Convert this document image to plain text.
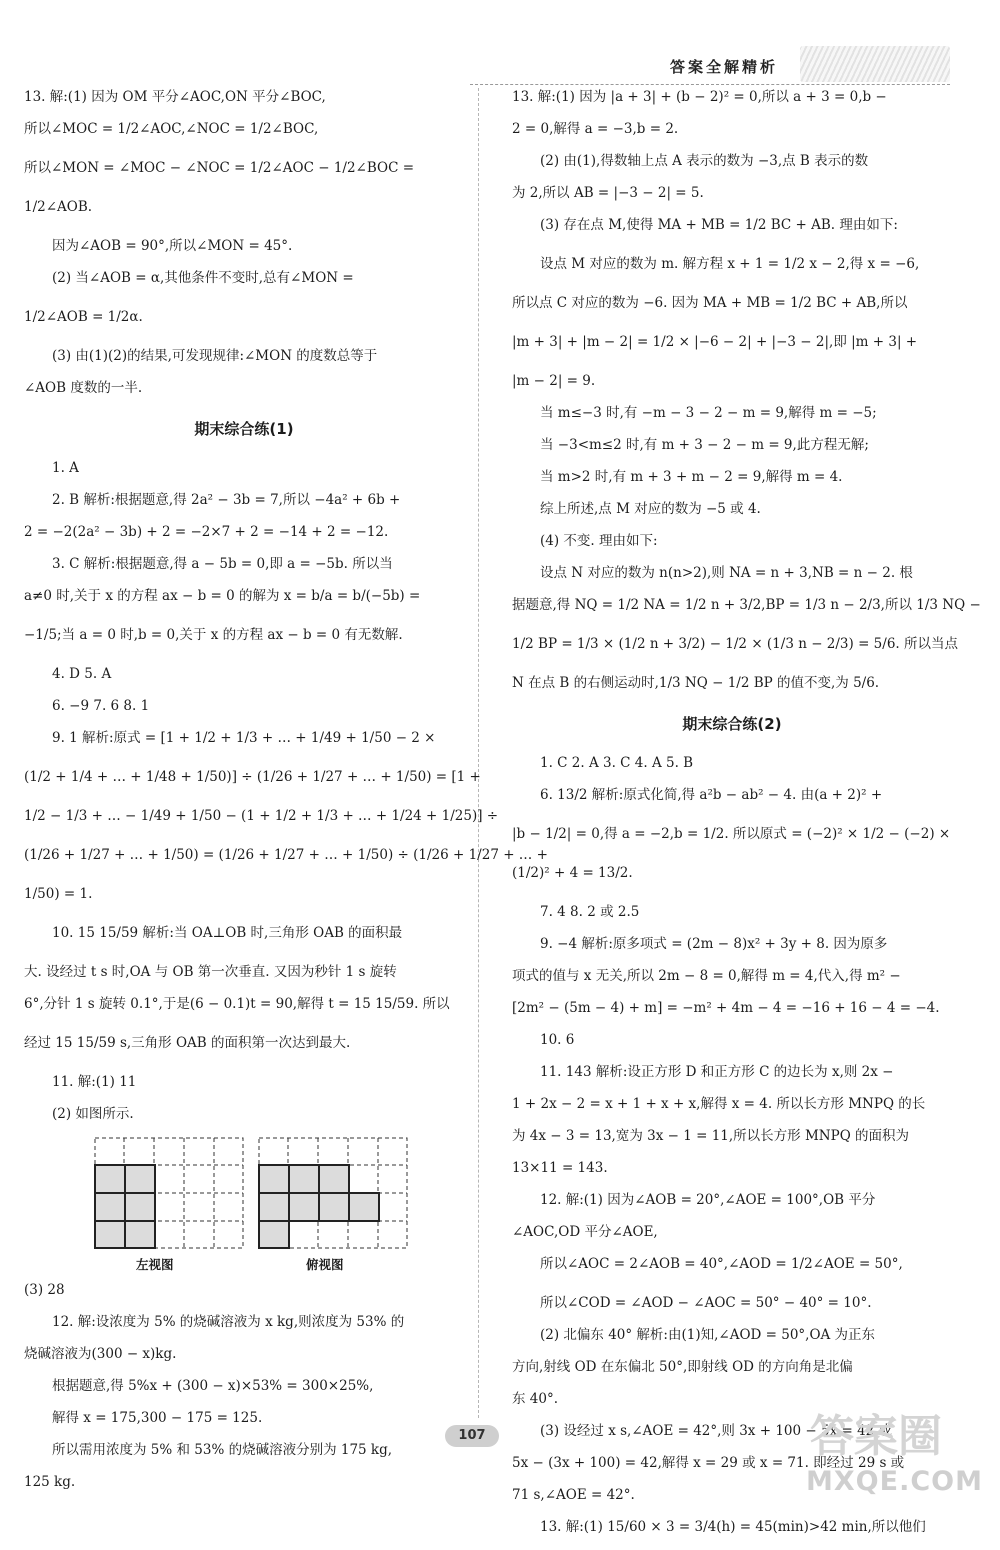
答案全解精析
13. 解:(1) 因为 OM 平分∠AOC,ON 平分∠BOC,
所以∠MOC = 1/2∠AOC,∠NOC = 1/2∠BOC,
所以∠MON = ∠MOC − ∠NOC = 1/2∠AOC − 1/2∠BOC =
1/2∠AOB.
因为∠AOB = 90°,所以∠MON = 45°.
(2) 当∠AOB = α,其他条件不变时,总有∠MON =
1/2∠AOB = 1/2α.
(3) 由(1)(2)的结果,可发现规律:∠MON 的度数总等于
∠AOB 度数的一半.
期末综合练(1)
1. A
2. B 解析:根据题意,得 2a² − 3b = 7,所以 −4a² + 6b +
2 = −2(2a² − 3b) + 2 = −2×7 + 2 = −14 + 2 = −12.
3. C 解析:根据题意,得 a − 5b = 0,即 a = −5b. 所以当
a≠0 时,关于 x 的方程 ax − b = 0 的解为 x = b/a = b/(−5b) =
−1/5;当 a = 0 时,b = 0,关于 x 的方程 ax − b = 0 有无数解.
4. D 5. A
6. −9 7. 6 8. 1
9. 1 解析:原式 = [1 + 1/2 + 1/3 + … + 1/49 + 1/50 − 2 ×
(1/2 + 1/4 + … + 1/48 + 1/50)] ÷ (1/26 + 1/27 + … + 1/50) = [1 +
1/2 − 1/3 + … − 1/49 + 1/50 − (1 + 1/2 + 1/3 + … + 1/24 + 1/25)] ÷
(1/26 + 1/27 + … + 1/50) = (1/26 + 1/27 + … + 1/50) ÷ (1/26 + 1/27 + … +
1/50) = 1.
10. 15 15/59 解析:当 OA⊥OB 时,三角形 OAB 的面积最
大. 设经过 t s 时,OA 与 OB 第一次垂直. 又因为秒针 1 s 旋转
6°,分针 1 s 旋转 0.1°,于是(6 − 0.1)t = 90,解得 t = 15 15/59. 所以
经过 15 15/59 s,三角形 OAB 的面积第一次达到最大.
11. 解:(1) 11
(2) 如图所示.
左视图	俯视图
(3) 28
12. 解:设浓度为 5% 的烧碱溶液为 x kg,则浓度为 53% 的
烧碱溶液为(300 − x)kg.
根据题意,得 5%x + (300 − x)×53% = 300×25%,
解得 x = 175,300 − 175 = 125.
所以需用浓度为 5% 和 53% 的烧碱溶液分别为 175 kg,
125 kg.
13. 解:(1) 因为 |a + 3| + (b − 2)² = 0,所以 a + 3 = 0,b −
2 = 0,解得 a = −3,b = 2.
(2) 由(1),得数轴上点 A 表示的数为 −3,点 B 表示的数
为 2,所以 AB = |−3 − 2| = 5.
(3) 存在点 M,使得 MA + MB = 1/2 BC + AB. 理由如下:
设点 M 对应的数为 m. 解方程 x + 1 = 1/2 x − 2,得 x = −6,
所以点 C 对应的数为 −6. 因为 MA + MB = 1/2 BC + AB,所以
|m + 3| + |m − 2| = 1/2 × |−6 − 2| + |−3 − 2|,即 |m + 3| +
|m − 2| = 9.
当 m≤−3 时,有 −m − 3 − 2 − m = 9,解得 m = −5;
当 −3<m≤2 时,有 m + 3 − 2 − m = 9,此方程无解;
当 m>2 时,有 m + 3 + m − 2 = 9,解得 m = 4.
综上所述,点 M 对应的数为 −5 或 4.
(4) 不变. 理由如下:
设点 N 对应的数为 n(n>2),则 NA = n + 3,NB = n − 2. 根
据题意,得 NQ = 1/2 NA = 1/2 n + 3/2,BP = 1/3 n − 2/3,所以 1/3 NQ −
1/2 BP = 1/3 × (1/2 n + 3/2) − 1/2 × (1/3 n − 2/3) = 5/6. 所以当点
N 在点 B 的右侧运动时,1/3 NQ − 1/2 BP 的值不变,为 5/6.
期末综合练(2)
1. C 2. A 3. C 4. A 5. B
6. 13/2 解析:原式化简,得 a²b − ab² − 4. 由(a + 2)² +
|b − 1/2| = 0,得 a = −2,b = 1/2. 所以原式 = (−2)² × 1/2 − (−2) ×
(1/2)² + 4 = 13/2.
7. 4 8. 2 或 2.5
9. −4 解析:原多项式 = (2m − 8)x² + 3y + 8. 因为原多
项式的值与 x 无关,所以 2m − 8 = 0,解得 m = 4,代入,得 m² −
[2m² − (5m − 4) + m] = −m² + 4m − 4 = −16 + 16 − 4 = −4.
10. 6
11. 143 解析:设正方形 D 和正方形 C 的边长为 x,则 2x −
1 + 2x − 2 = x + 1 + x + x,解得 x = 4. 所以长方形 MNPQ 的长
为 4x − 3 = 13,宽为 3x − 1 = 11,所以长方形 MNPQ 的面积为
13×11 = 143.
12. 解:(1) 因为∠AOB = 20°,∠AOE = 100°,OB 平分
∠AOC,OD 平分∠AOE,
所以∠AOC = 2∠AOB = 40°,∠AOD = 1/2∠AOE = 50°,
所以∠COD = ∠AOD − ∠AOC = 50° − 40° = 10°.
(2) 北偏东 40° 解析:由(1)知,∠AOD = 50°,OA 为正东
方向,射线 OD 在东偏北 50°,即射线 OD 的方向角是北偏
东 40°.
(3) 设经过 x s,∠AOE = 42°,则 3x + 100 − 5x = 42 或
5x − (3x + 100) = 42,解得 x = 29 或 x = 71. 即经过 29 s 或
71 s,∠AOE = 42°.
13. 解:(1) 15/60 × 3 = 3/4(h) = 45(min)>42 min,所以他们
107	答案圈
MXQE.COM
